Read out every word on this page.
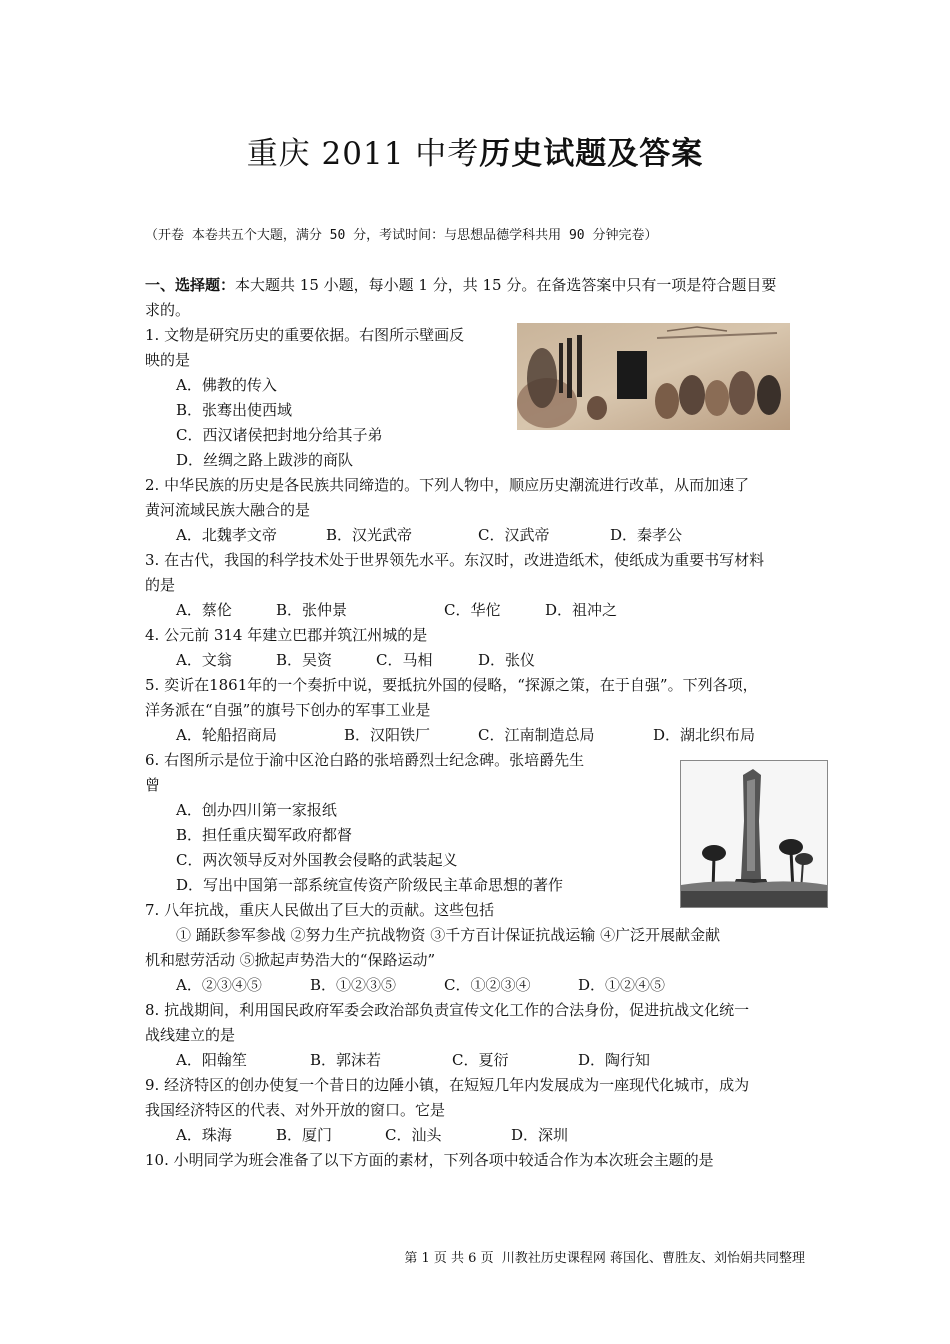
重庆 2011 中考历史试题及答案
（开卷 本卷共五个大题，满分 50 分，考试时间：与思想品德学科共用 90 分钟完卷）
一、选择题：本大题共 15 小题，每小题 1 分，共 15 分。在备选答案中只有一项是符合题目要
求的。
1. 文物是研究历史的重要依据。右图所示壁画反
映的是
A．佛教的传入
B．张骞出使西域
C．西汉诸侯把封地分给其子弟
D．丝绸之路上跋涉的商队
2. 中华民族的历史是各民族共同缔造的。下列人物中，顺应历史潮流进行改革，从而加速了
黄河流域民族大融合的是
A．北魏孝文帝	B．汉光武帝	C．汉武帝	D．秦孝公
3. 在古代，我国的科学技术处于世界领先水平。东汉时，改进造纸术，使纸成为重要书写材料
的是
A．蔡伦	B．张仲景	C．华佗	D．祖冲之
4. 公元前 314 年建立巴郡并筑江州城的是
A．文翁	B．吴资	C．马相	D．张仪
5. 奕䜣在1861年的一个奏折中说，要抵抗外国的侵略，“探源之策，在于自强”。下列各项，
洋务派在“自强”的旗号下创办的军事工业是
A．轮船招商局	B．汉阳铁厂	C．江南制造总局	D．湖北织布局
6. 右图所示是位于渝中区沧白路的张培爵烈士纪念碑。张培爵先生
曾
A．创办四川第一家报纸
B．担任重庆蜀军政府都督
C．两次领导反对外国教会侵略的武装起义
D．写出中国第一部系统宣传资产阶级民主革命思想的著作
7. 八年抗战，重庆人民做出了巨大的贡献。这些包括
① 踊跃参军参战 ②努力生产抗战物资 ③千方百计保证抗战运输 ④广泛开展献金献
机和慰劳活动 ⑤掀起声势浩大的“保路运动”
A．②③④⑤	B．①②③⑤	C．①②③④	D．①②④⑤
8. 抗战期间，利用国民政府军委会政治部负责宣传文化工作的合法身份，促进抗战文化统一
战线建立的是
A．阳翰笙	B．郭沫若	C．夏衍	D．陶行知
9. 经济特区的创办使复一个昔日的边陲小镇，在短短几年内发展成为一座现代化城市，成为
我国经济特区的代表、对外开放的窗口。它是
A．珠海	B．厦门	C．汕头	D．深圳
10. 小明同学为班会准备了以下方面的素材，下列各项中较适合作为本次班会主题的是
第 1 页 共 6 页 川教社历史课程网 蒋国化、曹胜友、刘怡娟共同整理
